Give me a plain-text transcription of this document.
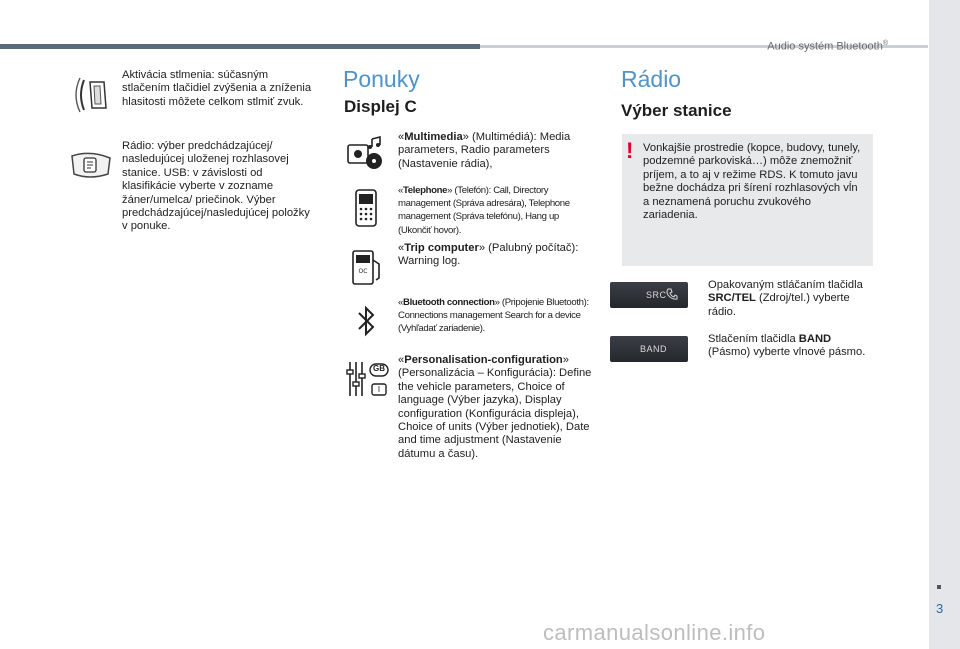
Audio systém Bluetooth®
3
Aktivácia stlmenia: súčasným stlačením tlačidiel zvýšenia a zníženia hlasitosti môžete celkom stlmiť zvuk.
Rádio: výber predchádzajúcej/ nasledujúcej uloženej rozhlasovej stanice. USB: v závislosti od klasifikácie vyberte v zozname žáner/umelca/ priečinok. Výber predchádzajúcej/nasledujúcej položky v ponuke.
Ponuky
Displej C
«Multimedia» (Multimédiá): Media parameters, Radio parameters (Nastavenie rádia),
«Telephone» (Telefón): Call, Directory management (Správa adresára), Telephone management (Správa telefónu), Hang up (Ukončiť hovor).
OC
«Trip computer» (Palubný počítač): Warning log.
«Bluetooth connection» (Pripojenie Bluetooth): Connections management Search for a device (Vyhľadať zariadenie).
GB
I
«Personalisation-configuration» (Personalizácia – Konfigurácia): Define the vehicle parameters, Choice of language (Výber jazyka), Display configuration (Konfigurácia displeja), Choice of units (Výber jednotiek), Date and time adjustment (Nastavenie dátumu a času).
Rádio
Výber stanice
! Vonkajšie prostredie (kopce, budovy, tunely, podzemné parkoviská…) môže znemožniť príjem, a to aj v režime RDS. K tomuto javu bežne dochádza pri šírení rozhlasových vĺn a neznamená poruchu zvukového zariadenia.
SRC
Opakovaným stláčaním tlačidla SRC/TEL (Zdroj/tel.) vyberte rádio.
BAND
Stlačením tlačidla BAND (Pásmo) vyberte vlnové pásmo.
carmanualsonline.info
